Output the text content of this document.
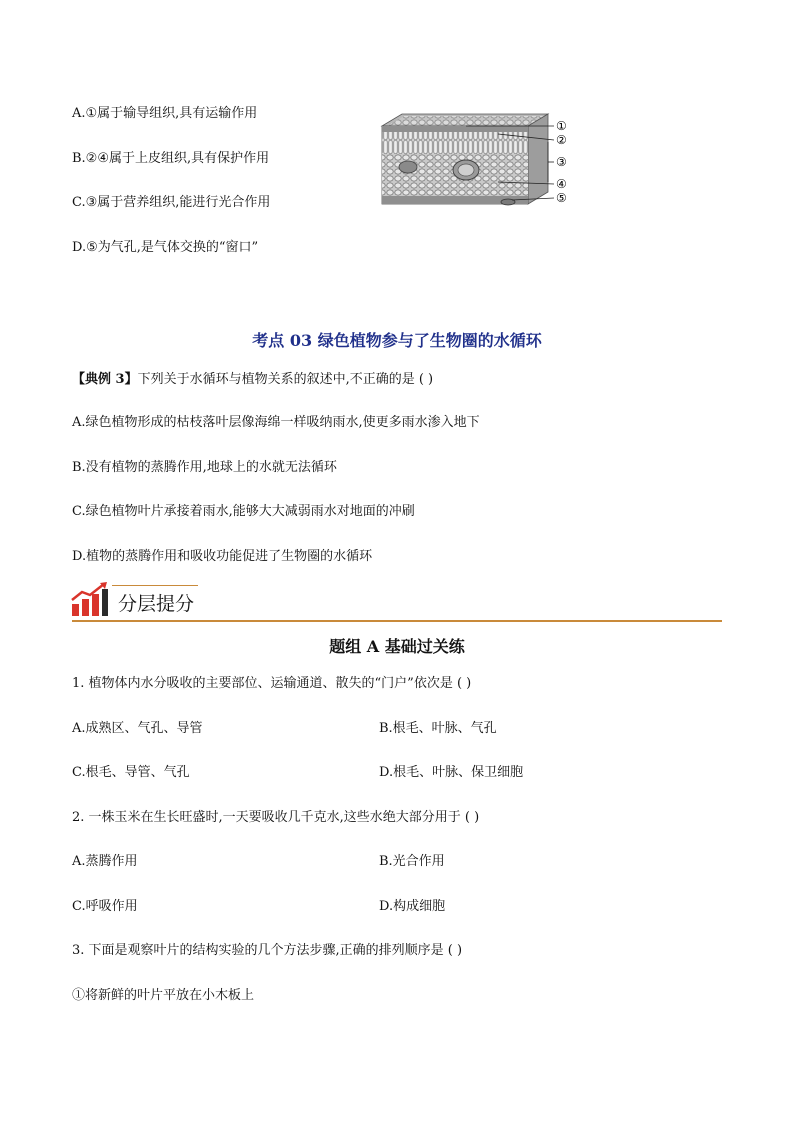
A.①属于输导组织,具有运输作用
B.②④属于上皮组织,具有保护作用
C.③属于营养组织,能进行光合作用
D.⑤为气孔,是气体交换的“窗口”
①
②
③
④
⑤
考点 03 绿色植物参与了生物圈的水循环
【典例 3】下列关于水循环与植物关系的叙述中,不正确的是 ( )
A.绿色植物形成的枯枝落叶层像海绵一样吸纳雨水,使更多雨水渗入地下
B.没有植物的蒸腾作用,地球上的水就无法循环
C.绿色植物叶片承接着雨水,能够大大减弱雨水对地面的冲刷
D.植物的蒸腾作用和吸收功能促进了生物圈的水循环
分层提分
题组 A 基础过关练
1. 植物体内水分吸收的主要部位、运输通道、散失的“门户”依次是 ( )
A.成熟区、气孔、导管	B.根毛、叶脉、气孔
C.根毛、导管、气孔	D.根毛、叶脉、保卫细胞
2. 一株玉米在生长旺盛时,一天要吸收几千克水,这些水绝大部分用于 ( )
A.蒸腾作用	B.光合作用
C.呼吸作用	D.构成细胞
3. 下面是观察叶片的结构实验的几个方法步骤,正确的排列顺序是 ( )
①将新鲜的叶片平放在小木板上
